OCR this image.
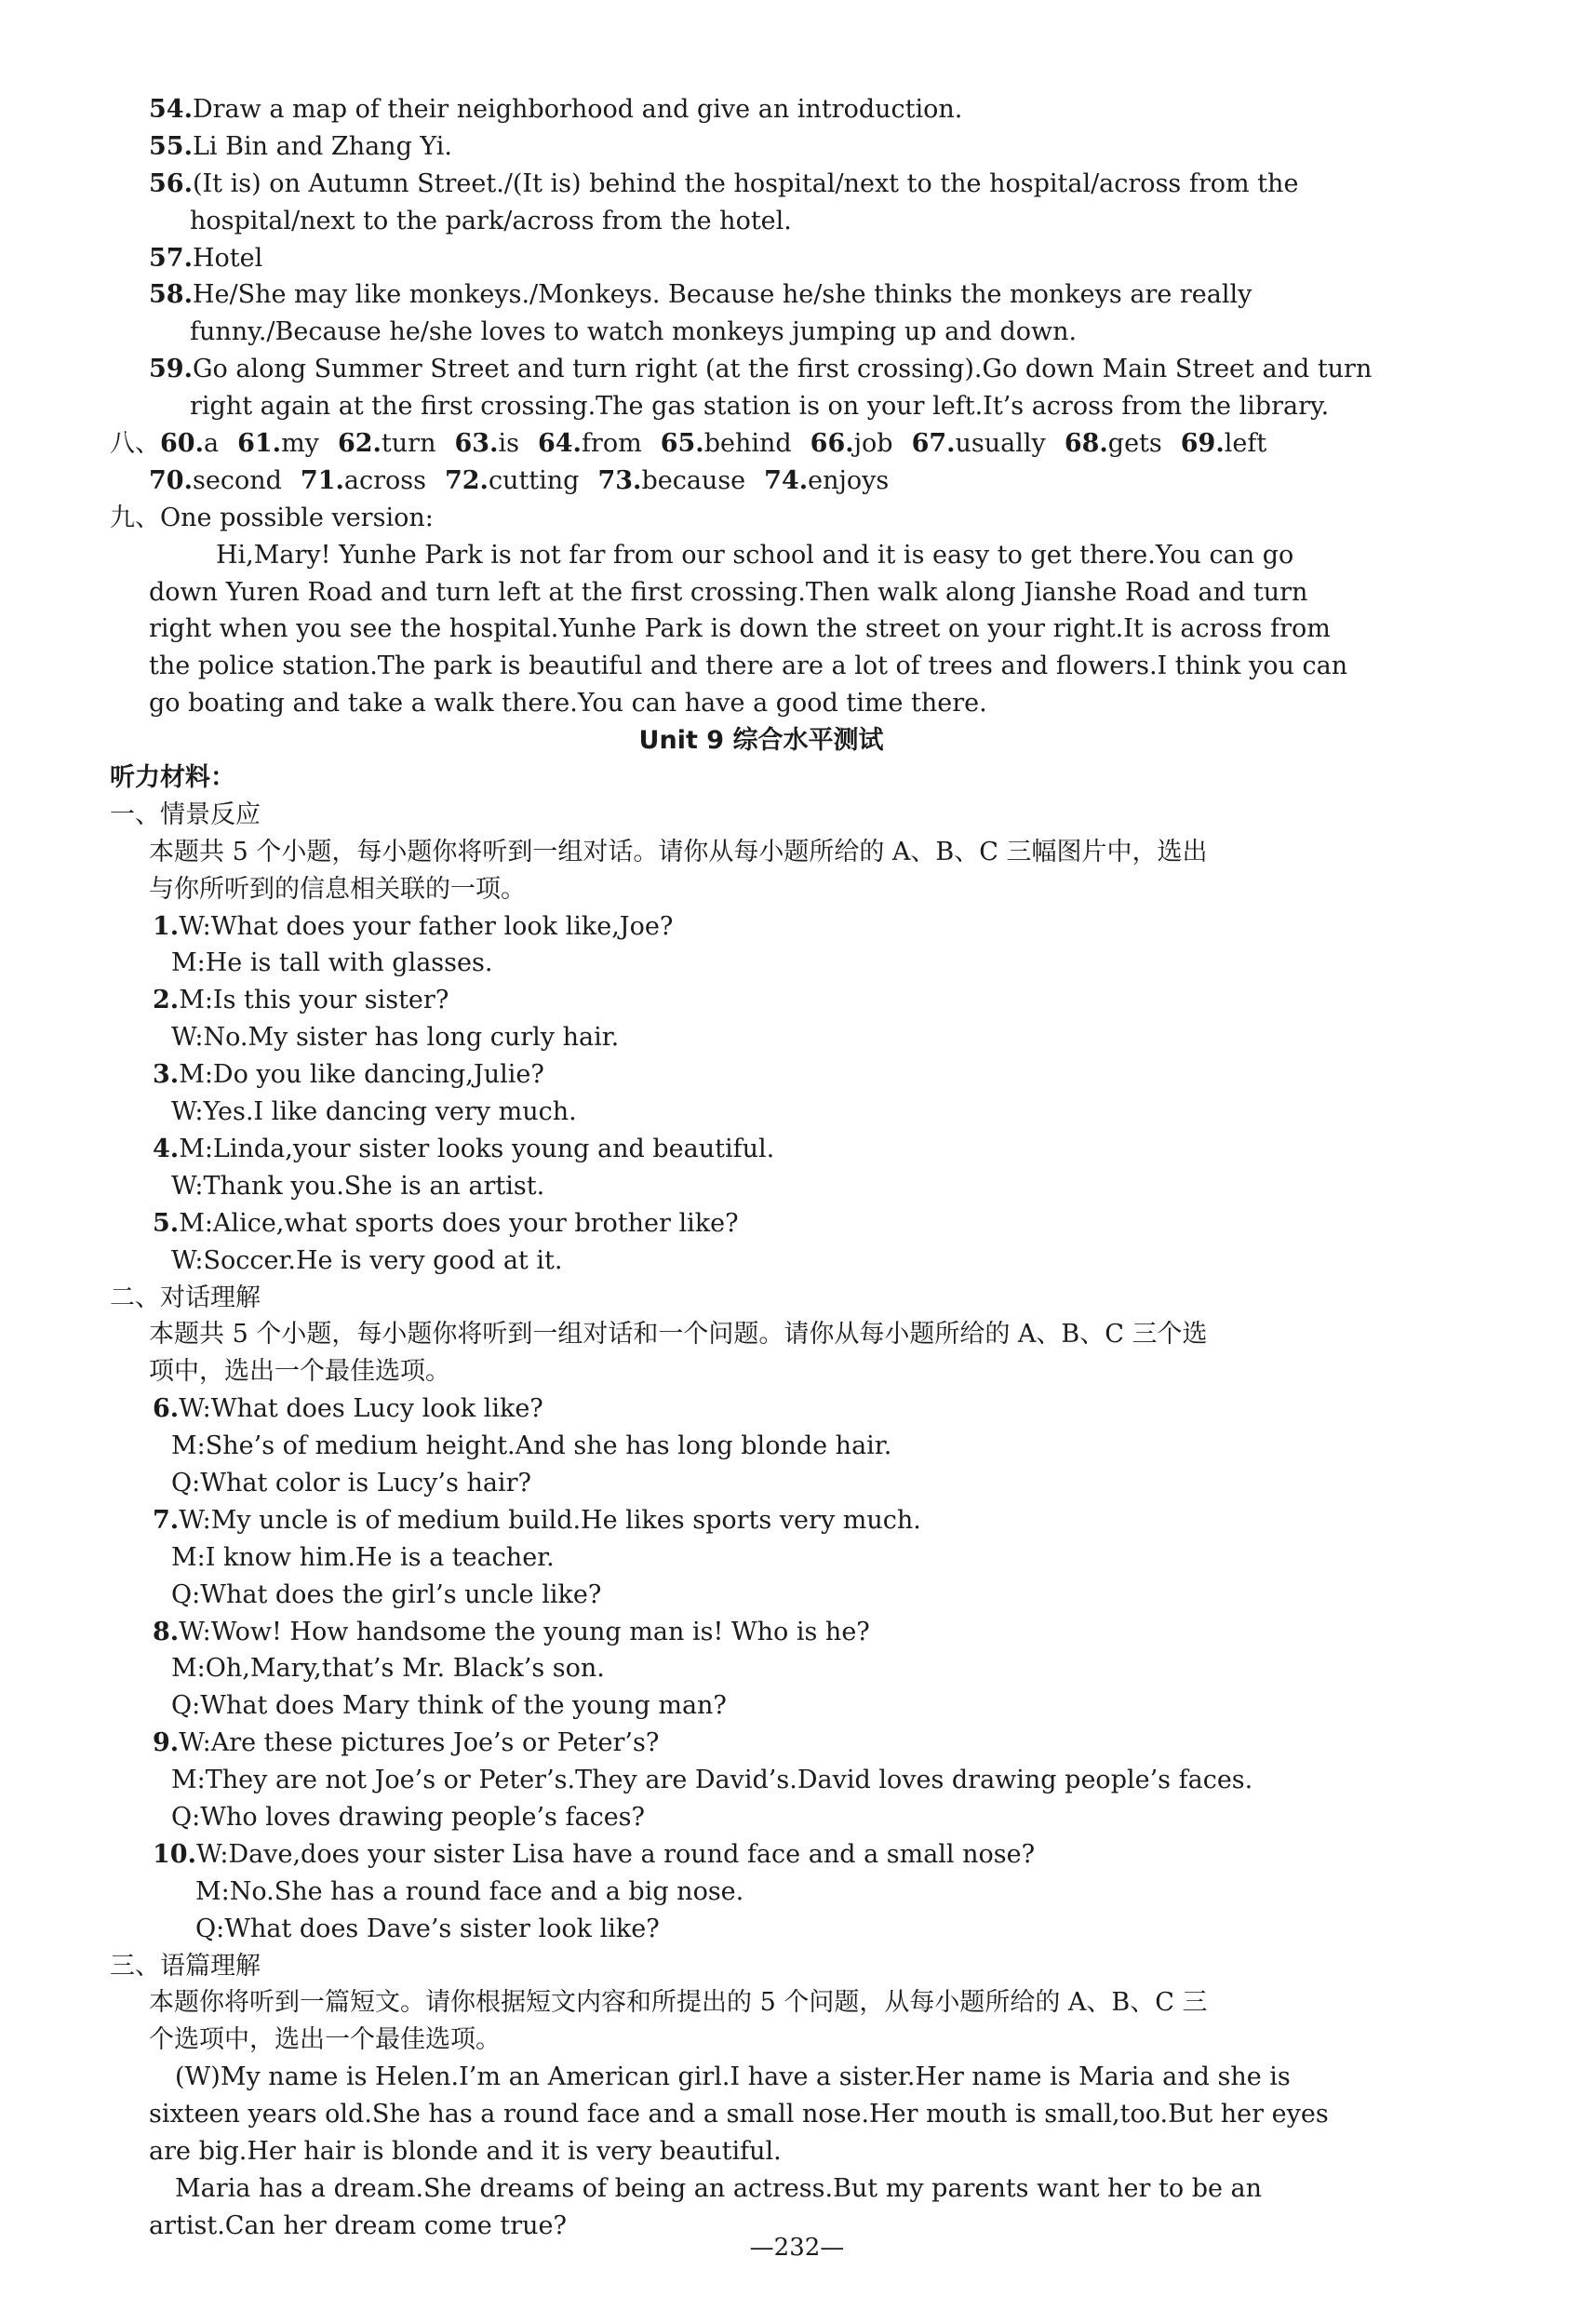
54.Draw a map of their neighborhood and give an introduction.
55.Li Bin and Zhang Yi.
56.(It is) on Autumn Street./(It is) behind the hospital/next to the hospital/across from the
hospital/next to the park/across from the hotel.
57.Hotel
58.He/She may like monkeys./Monkeys. Because he/she thinks the monkeys are really
funny./Because he/she loves to watch monkeys jumping up and down.
59.Go along Summer Street and turn right (at the first crossing).Go down Main Street and turn
right again at the first crossing.The gas station is on your left.It’s across from the library.
八、60.a 61.my 62.turn 63.is 64.from 65.behind 66.job 67.usually 68.gets 69.left
70.second 71.across 72.cutting 73.because 74.enjoys
九、One possible version:
Hi,Mary! Yunhe Park is not far from our school and it is easy to get there.You can go
down Yuren Road and turn left at the first crossing.Then walk along Jianshe Road and turn
right when you see the hospital.Yunhe Park is down the street on your right.It is across from
the police station.The park is beautiful and there are a lot of trees and flowers.I think you can
go boating and take a walk there.You can have a good time there.
Unit 9 综合水平测试
听力材料：
一、情景反应
本题共 5 个小题，每小题你将听到一组对话。请你从每小题所给的 A、B、C 三幅图片中，选出
与你所听到的信息相关联的一项。
1.W:What does your father look like,Joe?
M:He is tall with glasses.
2.M:Is this your sister?
W:No.My sister has long curly hair.
3.M:Do you like dancing,Julie?
W:Yes.I like dancing very much.
4.M:Linda,your sister looks young and beautiful.
W:Thank you.She is an artist.
5.M:Alice,what sports does your brother like?
W:Soccer.He is very good at it.
二、对话理解
本题共 5 个小题，每小题你将听到一组对话和一个问题。请你从每小题所给的 A、B、C 三个选
项中，选出一个最佳选项。
6.W:What does Lucy look like?
M:She’s of medium height.And she has long blonde hair.
Q:What color is Lucy’s hair?
7.W:My uncle is of medium build.He likes sports very much.
M:I know him.He is a teacher.
Q:What does the girl’s uncle like?
8.W:Wow! How handsome the young man is! Who is he?
M:Oh,Mary,that’s Mr. Black’s son.
Q:What does Mary think of the young man?
9.W:Are these pictures Joe’s or Peter’s?
M:They are not Joe’s or Peter’s.They are David’s.David loves drawing people’s faces.
Q:Who loves drawing people’s faces?
10.W:Dave,does your sister Lisa have a round face and a small nose?
M:No.She has a round face and a big nose.
Q:What does Dave’s sister look like?
三、语篇理解
本题你将听到一篇短文。请你根据短文内容和所提出的 5 个问题，从每小题所给的 A、B、C 三
个选项中，选出一个最佳选项。
(W)My name is Helen.I’m an American girl.I have a sister.Her name is Maria and she is
sixteen years old.She has a round face and a small nose.Her mouth is small,too.But her eyes
are big.Her hair is blonde and it is very beautiful.
Maria has a dream.She dreams of being an actress.But my parents want her to be an
artist.Can her dream come true?
—232—
